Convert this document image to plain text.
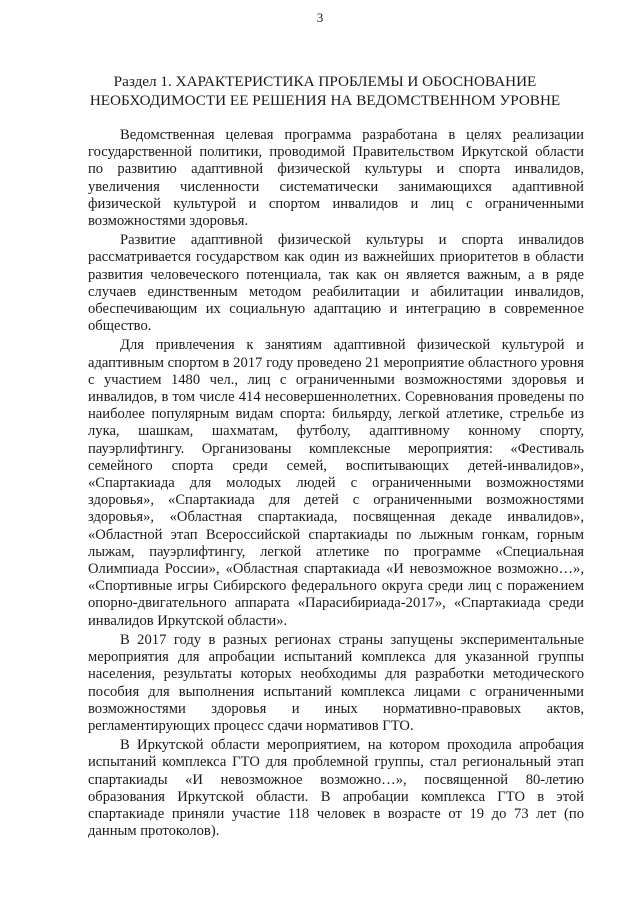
3
Раздел 1. ХАРАКТЕРИСТИКА ПРОБЛЕМЫ И ОБОСНОВАНИЕ
НЕОБХОДИМОСТИ ЕЕ РЕШЕНИЯ НА ВЕДОМСТВЕННОМ УРОВНЕ

Ведомственная целевая программа разработана в целях реализации государственной политики, проводимой Правительством Иркутской области по развитию адаптивной физической культуры и спорта инвалидов, увеличения численности систематически занимающихся адаптивной физической культурой и спортом инвалидов и лиц с ограниченными возможностями здоровья.

Развитие адаптивной физической культуры и спорта инвалидов рассматривается государством как один из важнейших приоритетов в области развития человеческого потенциала, так как он является важным, а в ряде случаев единственным методом реабилитации и абилитации инвалидов, обеспечивающим их социальную адаптацию и интеграцию в современное общество.

Для привлечения к занятиям адаптивной физической культурой и адаптивным спортом в 2017 году проведено 21 мероприятие областного уровня с участием 1480 чел., лиц с ограниченными возможностями здоровья и инвалидов, в том числе 414 несовершеннолетних. Соревнования проведены по наиболее популярным видам спорта: бильярду, легкой атлетике, стрельбе из лука, шашкам, шахматам, футболу, адаптивному конному спорту, пауэрлифтингу. Организованы комплексные мероприятия: «Фестиваль семейного спорта среди семей, воспитывающих детей-инвалидов», «Спартакиада для молодых людей с ограниченными возможностями здоровья», «Спартакиада для детей с ограниченными возможностями здоровья», «Областная спартакиада, посвященная декаде инвалидов», «Областной этап Всероссийской спартакиады по лыжным гонкам, горным лыжам, пауэрлифтингу, легкой атлетике по программе «Специальная Олимпиада России», «Областная спартакиада «И невозможное возможно…», «Спортивные игры Сибирского федерального округа среди лиц с поражением опорно-двигательного аппарата «Парасибириада-2017», «Спартакиада среди инвалидов Иркутской области».

В 2017 году в разных регионах страны запущены экспериментальные мероприятия для апробации испытаний комплекса для указанной группы населения, результаты которых необходимы для разработки методического пособия для выполнения испытаний комплекса лицами с ограниченными возможностями здоровья и иных нормативно-правовых актов, регламентирующих процесс сдачи нормативов ГТО.

В Иркутской области мероприятием, на котором проходила апробация испытаний комплекса ГТО для проблемной группы, стал региональный этап спартакиады «И невозможное возможно…», посвященной 80-летию образования Иркутской области. В апробации комплекса ГТО в этой спартакиаде приняли участие 118 человек в возрасте от 19 до 73 лет (по данным протоколов).
